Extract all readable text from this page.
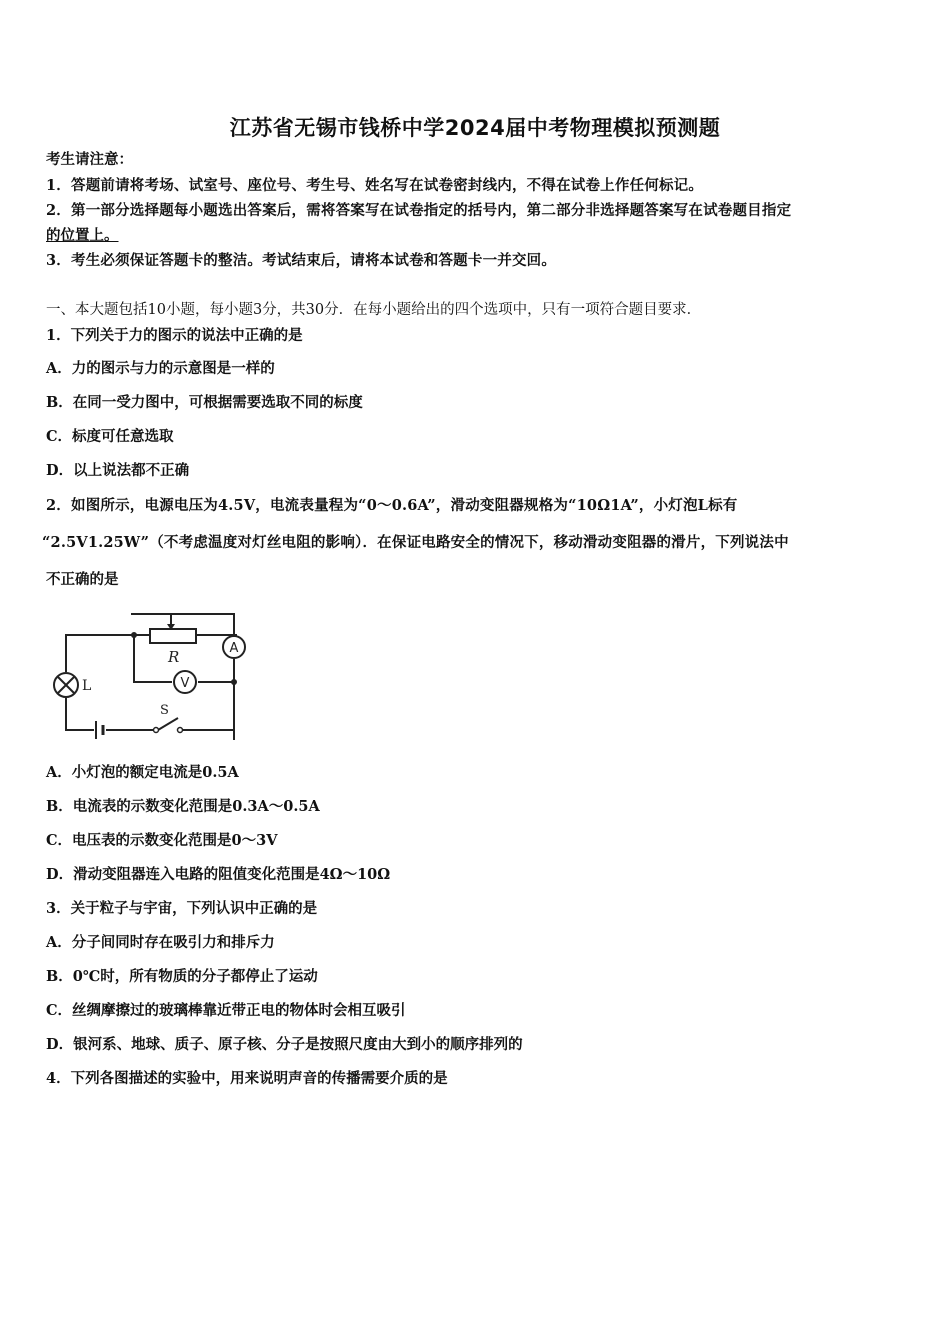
江苏省无锡市钱桥中学2024届中考物理模拟预测题
考生请注意：
1．答题前请将考场、试室号、座位号、考生号、姓名写在试卷密封线内，不得在试卷上作任何标记。
2．第一部分选择题每小题选出答案后，需将答案写在试卷指定的括号内，第二部分非选择题答案写在试卷题目指定
的位置上。
3．考生必须保证答题卡的整洁。考试结束后，请将本试卷和答题卡一并交回。
一、本大题包括10小题，每小题3分，共30分．在每小题给出的四个选项中，只有一项符合题目要求．
1．下列关于力的图示的说法中正确的是
A．力的图示与力的示意图是一样的
B．在同一受力图中，可根据需要选取不同的标度
C．标度可任意选取
D．以上说法都不正确
2．如图所示，电源电压为4.5V，电流表量程为“0～0.6A”，滑动变阻器规格为“10Ω1A”，小灯泡L标有
“2.5V1.25W”（不考虑温度对灯丝电阻的影响）．在保证电路安全的情况下，移动滑动变阻器的滑片，下列说法中
不正确的是
A
V
L
R
S
A．小灯泡的额定电流是0.5A
B．电流表的示数变化范围是0.3A～0.5A
C．电压表的示数变化范围是0～3V
D．滑动变阻器连入电路的阻值变化范围是4Ω～10Ω
3．关于粒子与宇宙，下列认识中正确的是
A．分子间同时存在吸引力和排斥力
B．0℃时，所有物质的分子都停止了运动
C．丝绸摩擦过的玻璃棒靠近带正电的物体时会相互吸引
D．银河系、地球、质子、原子核、分子是按照尺度由大到小的顺序排列的
4．下列各图描述的实验中，用来说明声音的传播需要介质的是
